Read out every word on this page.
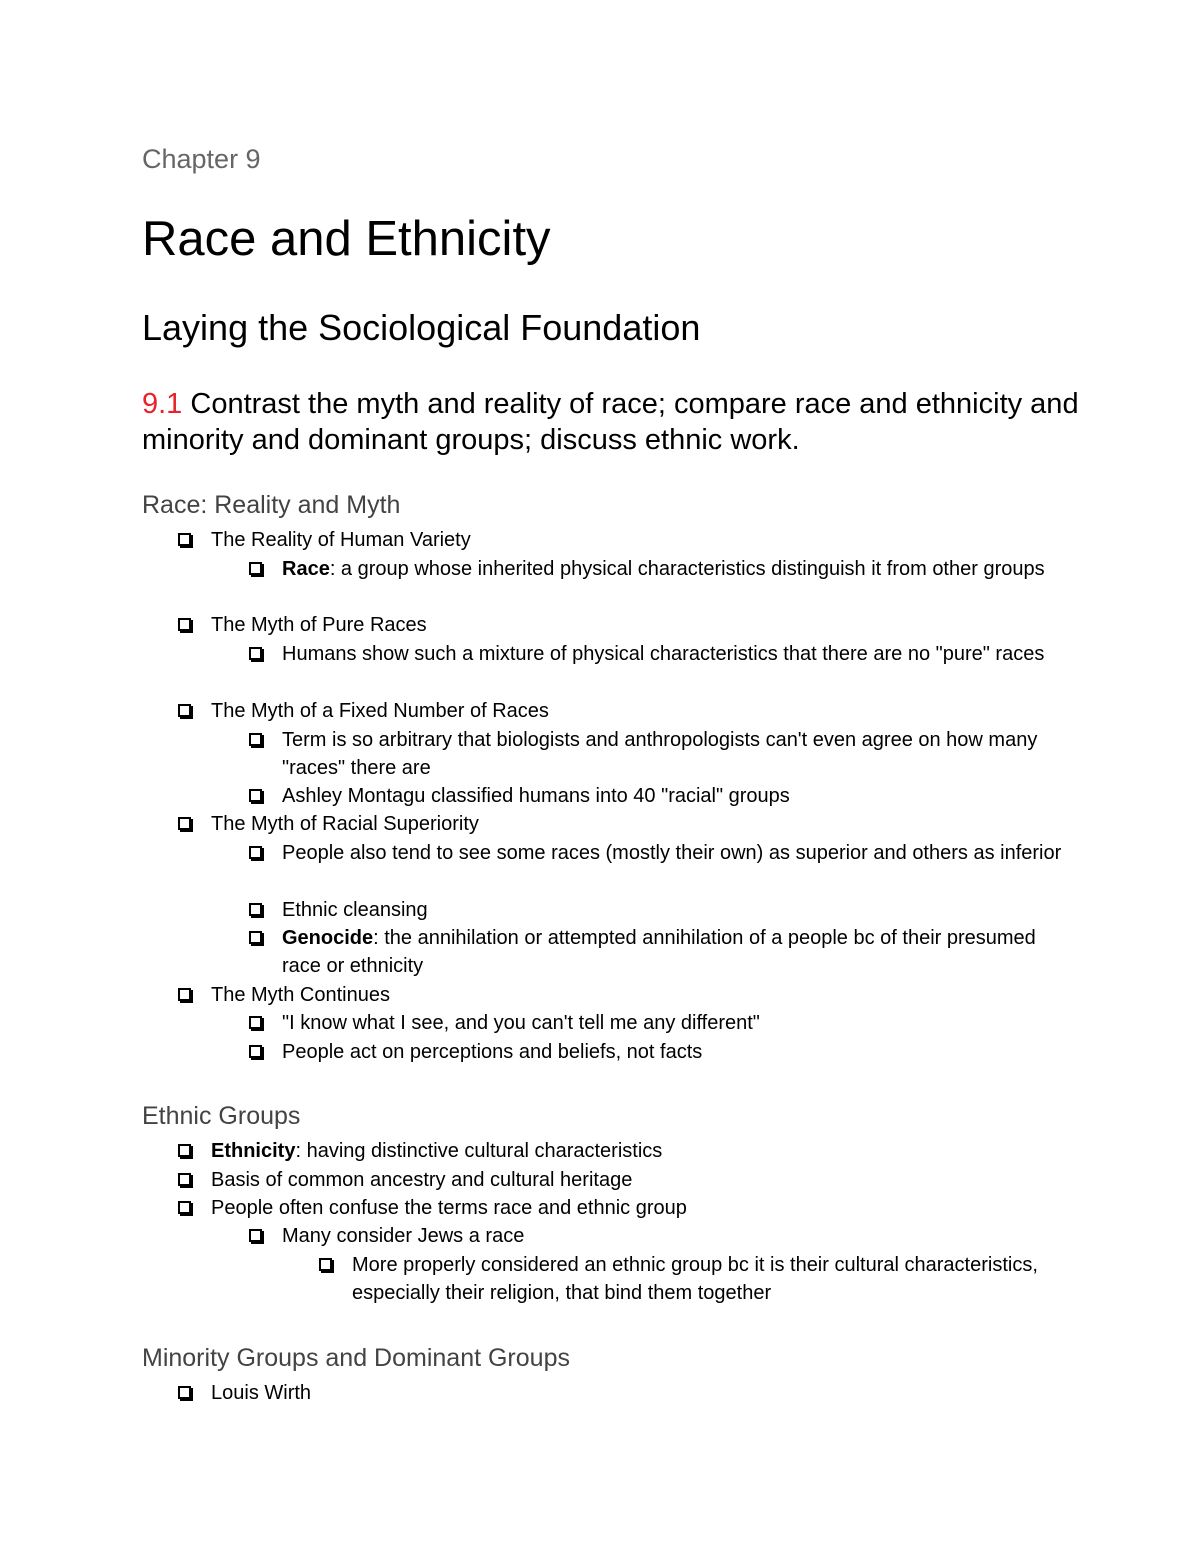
Chapter 9
Race and Ethnicity
Laying the Sociological Foundation
9.1 Contrast the myth and reality of race; compare race and ethnicity and minority and dominant groups; discuss ethnic work.
Race: Reality and Myth
The Reality of Human Variety
Race: a group whose inherited physical characteristics distinguish it from other groups
The Myth of Pure Races
Humans show such a mixture of physical characteristics that there are no "pure" races
The Myth of a Fixed Number of Races
Term is so arbitrary that biologists and anthropologists can't even agree on how many "races" there are
Ashley Montagu classified humans into 40 "racial" groups
The Myth of Racial Superiority
People also tend to see some races (mostly their own) as superior and others as inferior
Ethnic cleansing
Genocide: the annihilation or attempted annihilation of a people bc of their presumed race or ethnicity
The Myth Continues
"I know what I see, and you can't tell me any different"
People act on perceptions and beliefs, not facts
Ethnic Groups
Ethnicity: having distinctive cultural characteristics
Basis of common ancestry and cultural heritage
People often confuse the terms race and ethnic group
Many consider Jews a race
More properly considered an ethnic group bc it is their cultural characteristics, especially their religion, that bind them together
Minority Groups and Dominant Groups
Louis Wirth
